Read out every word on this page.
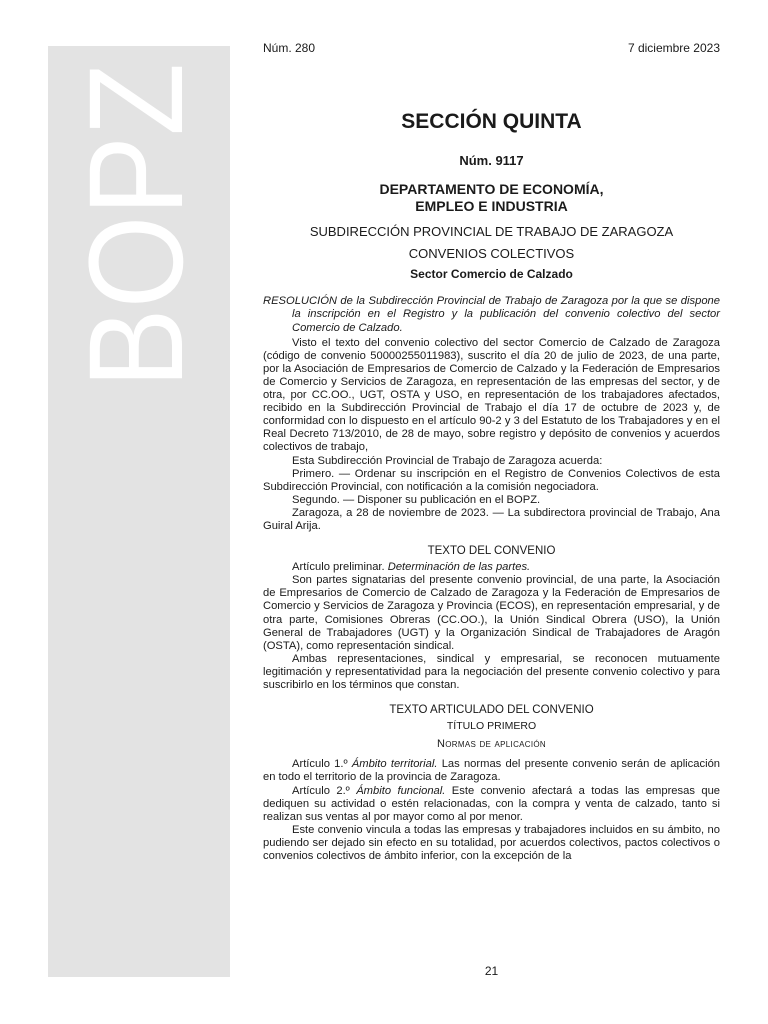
BOPZ	Núm. 280	7 diciembre 2023
SECCIÓN QUINTA
Núm. 9117
DEPARTAMENTO DE ECONOMÍA,
EMPLEO E INDUSTRIA
SUBDIRECCIÓN PROVINCIAL DE TRABAJO DE ZARAGOZA
CONVENIOS COLECTIVOS
Sector Comercio de Calzado
RESOLUCIÓN de la Subdirección Provincial de Trabajo de Zaragoza por la que se dispone la inscripción en el Registro y la publicación del convenio colectivo del sector Comercio de Calzado.

Visto el texto del convenio colectivo del sector Comercio de Calzado de Zaragoza (código de convenio 50000255011983), suscrito el día 20 de julio de 2023, de una parte, por la Asociación de Empresarios de Comercio de Calzado y la Federación de Empresarios de Comercio y Servicios de Zaragoza, en representación de las empresas del sector, y de otra, por CC.OO., UGT, OSTA y USO, en representación de los trabajadores afectados, recibido en la Subdirección Provincial de Trabajo el día 17 de octubre de 2023 y, de conformidad con lo dispuesto en el artículo 90-2 y 3 del Estatuto de los Trabajadores y en el Real Decreto 713/2010, de 28 de mayo, sobre registro y depósito de convenios y acuerdos colectivos de trabajo,

Esta Subdirección Provincial de Trabajo de Zaragoza acuerda:

Primero. — Ordenar su inscripción en el Registro de Convenios Colectivos de esta Subdirección Provincial, con notificación a la comisión negociadora.

Segundo. — Disponer su publicación en el BOPZ.

Zaragoza, a 28 de noviembre de 2023. — La subdirectora provincial de Trabajo, Ana Guiral Arija.

TEXTO DEL CONVENIO

Artículo preliminar. Determinación de las partes.

Son partes signatarias del presente convenio provincial, de una parte, la Asociación de Empresarios de Comercio de Calzado de Zaragoza y la Federación de Empresarios de Comercio y Servicios de Zaragoza y Provincia (ECOS), en representación empresarial, y de otra parte, Comisiones Obreras (CC.OO.), la Unión Sindical Obrera (USO), la Unión General de Trabajadores (UGT) y la Organización Sindical de Trabajadores de Aragón (OSTA), como representación sindical.

Ambas representaciones, sindical y empresarial, se reconocen mutuamente legitimación y representatividad para la negociación del presente convenio colectivo y para suscribirlo en los términos que constan.

TEXTO ARTICULADO DEL CONVENIO
TÍTULO PRIMERO
Normas de aplicación

Artículo 1.º Ámbito territorial. Las normas del presente convenio serán de aplicación en todo el territorio de la provincia de Zaragoza.

Artículo 2.º Ámbito funcional. Este convenio afectará a todas las empresas que dediquen su actividad o estén relacionadas, con la compra y venta de calzado, tanto si realizan sus ventas al por mayor como al por menor.

Este convenio vincula a todas las empresas y trabajadores incluidos en su ámbito, no pudiendo ser dejado sin efecto en su totalidad, por acuerdos colectivos, pactos colectivos o convenios colectivos de ámbito inferior, con la excepción de la

21
